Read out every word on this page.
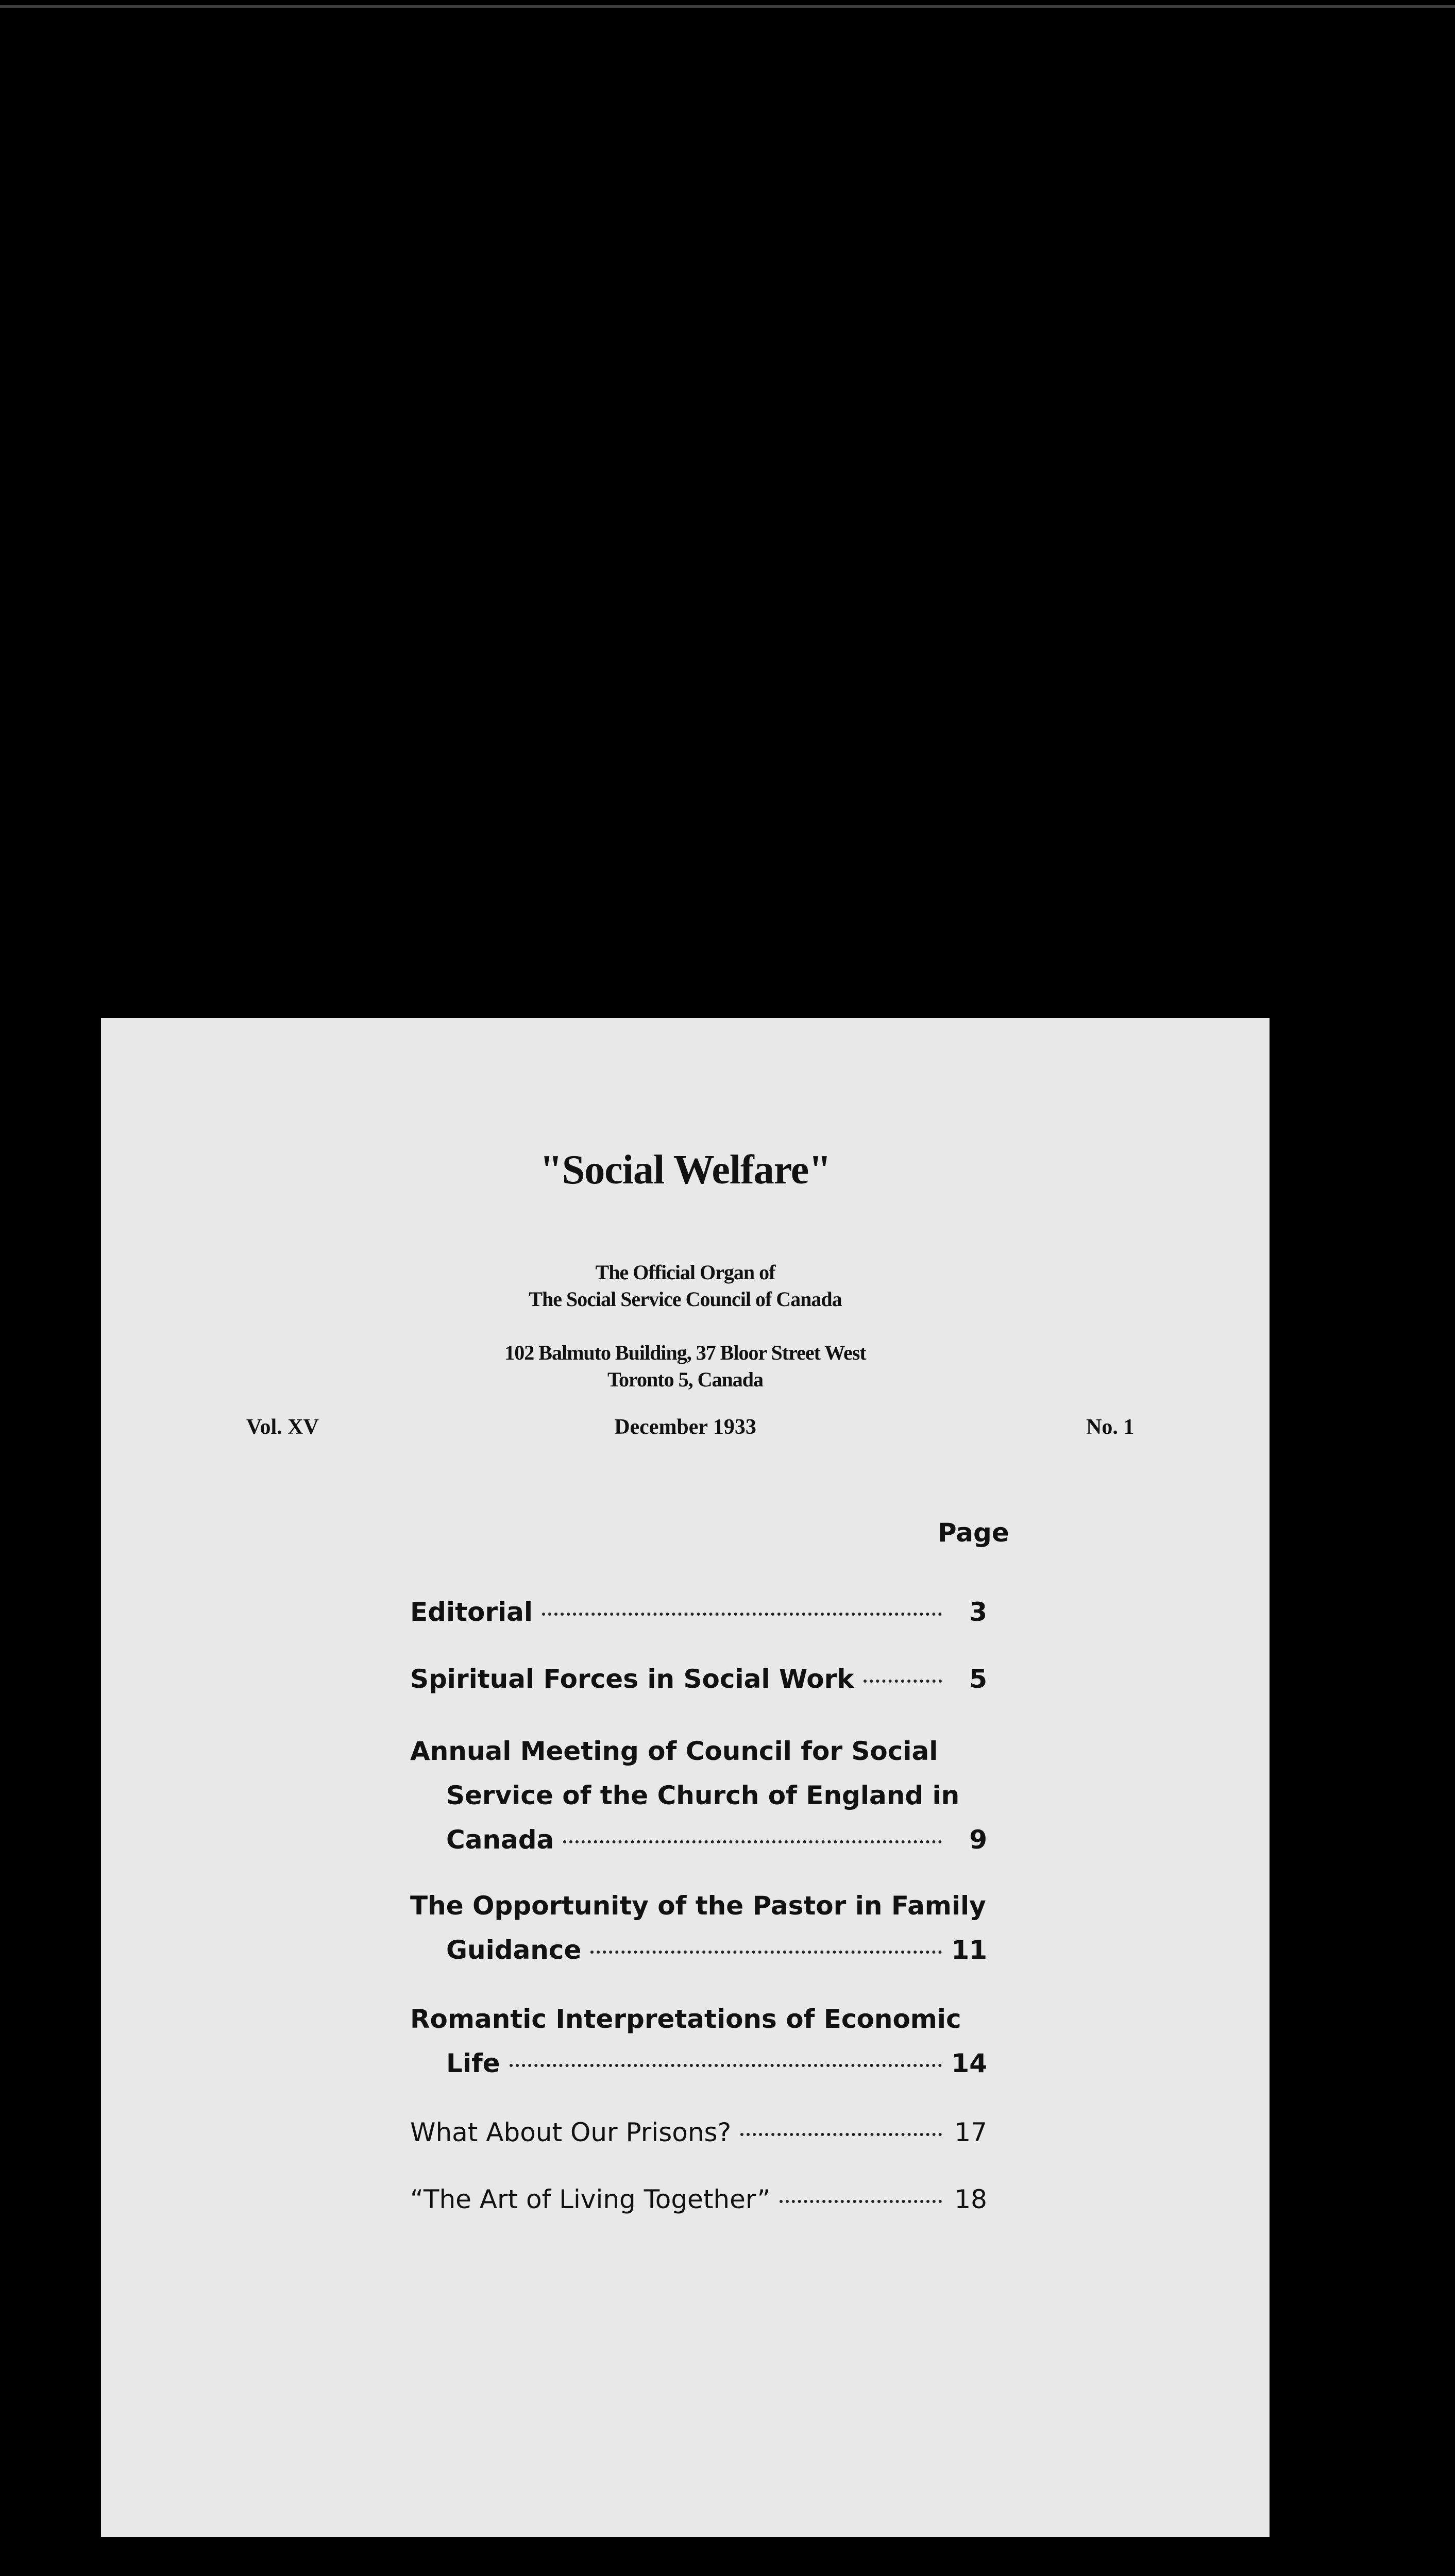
"Social Welfare"
The Official Organ of
The Social Service Council of Canada
102 Balmuto Building, 37 Bloor Street West
Toronto 5, Canada
Vol. XV	December 1933	No. 1
Page
Editorial	3
Spiritual Forces in Social Work	5
Annual Meeting of Council for Social
Service of the Church of England in
Canada	9
The Opportunity of the Pastor in Family
Guidance	11
Romantic Interpretations of Economic
Life	14
What About Our Prisons?	17
“The Art of Living Together”	18
